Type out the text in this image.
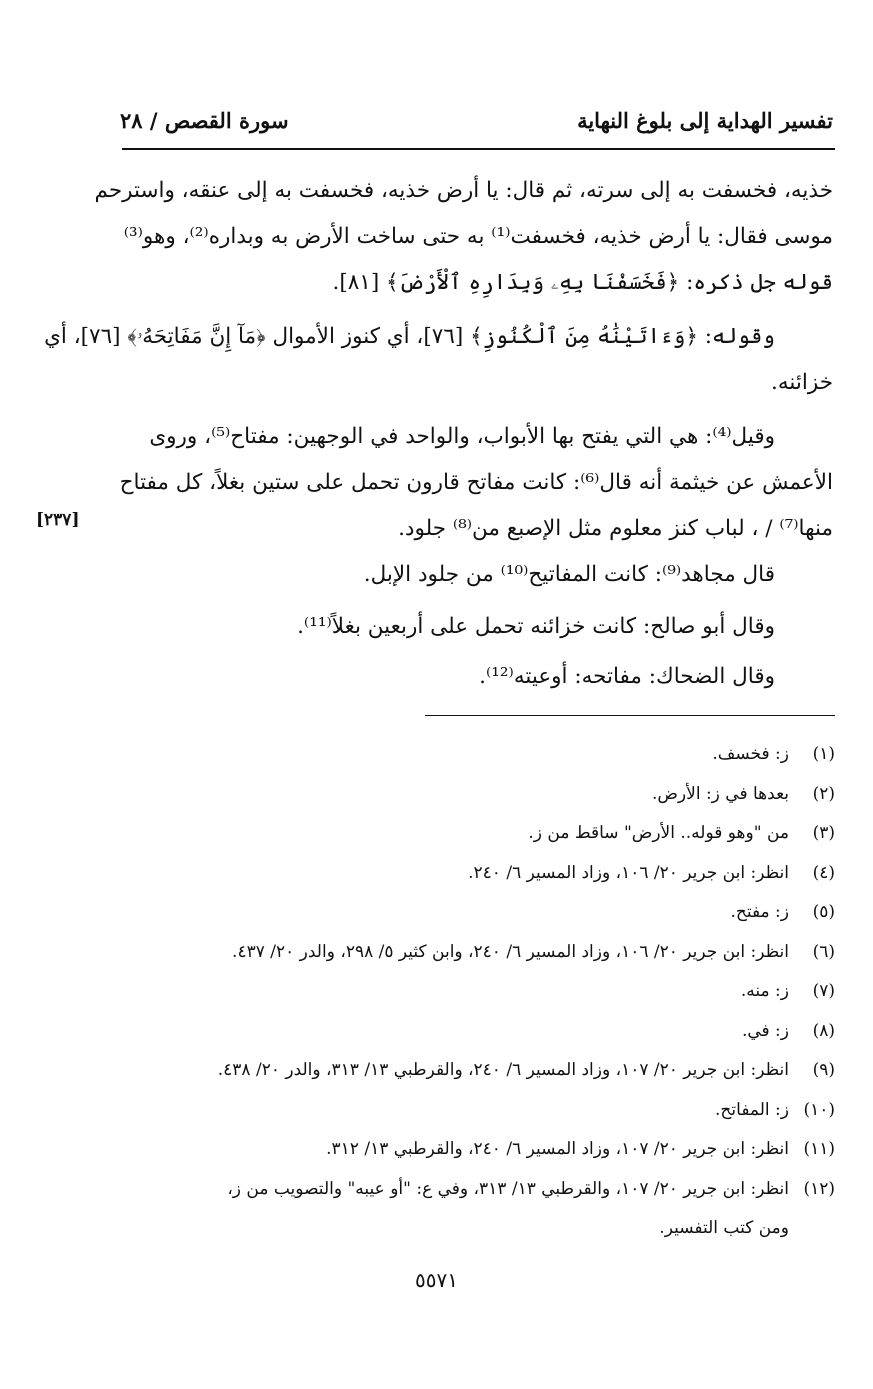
تفسير الهداية إلى بلوغ النهاية
سورة القصص / ٢٨
خذيه، فخسفت به إلى سرته، ثم قال: يا أرض خذيه، فخسفت به إلى عنقه، واسترحم
موسى فقال: يا أرض خذيه، فخسفت⁽¹⁾ به حتى ساخت الأرض به وبداره⁽²⁾، وهو⁽³⁾
قوله جل ذكره: ﴿فَخَسَفْنَا بِهِۦ وَبِدَارِهِ ٱلْأَرْضَ﴾ [٨١].
وقوله: ﴿وَءَاتَيْنَٰهُ مِنَ ٱلْكُنُوزِ﴾ [٧٦]، أي كنوز الأموال ﴿مَآ إِنَّ مَفَاتِحَهُۥ﴾ [٧٦]، أي
خزائنه.
وقيل⁽⁴⁾: هي التي يفتح بها الأبواب، والواحد في الوجهين: مفتاح⁽⁵⁾، وروى
الأعمش عن خيثمة أنه قال⁽⁶⁾: كانت مفاتح قارون تحمل على ستين بغلاً، كل مفتاح
منها⁽⁷⁾ / ، لباب كنز معلوم مثل الإصبع من⁽⁸⁾ جلود.
[٢٣٧]
قال مجاهد⁽⁹⁾: كانت المفاتيح⁽¹⁰⁾ من جلود الإبل.
وقال أبو صالح: كانت خزائنه تحمل على أربعين بغلاً⁽¹¹⁾.
وقال الضحاك: مفاتحه: أوعيته⁽¹²⁾.
(١)ز: فخسف.
(٢)بعدها في ز: الأرض.
(٣)من "وهو قوله.. الأرض" ساقط من ز.
(٤)انظر: ابن جرير ٢٠/ ١٠٦، وزاد المسير ٦/ ٢٤٠.
(٥)ز: مفتح.
(٦)انظر: ابن جرير ٢٠/ ١٠٦، وزاد المسير ٦/ ٢٤٠، وابن كثير ٥/ ٢٩٨، والدر ٢٠/ ٤٣٧.
(٧)ز: منه.
(٨)ز: في.
(٩)انظر: ابن جرير ٢٠/ ١٠٧، وزاد المسير ٦/ ٢٤٠، والقرطبي ١٣/ ٣١٣، والدر ٢٠/ ٤٣٨.
(١٠)ز: المفاتح.
(١١)انظر: ابن جرير ٢٠/ ١٠٧، وزاد المسير ٦/ ٢٤٠، والقرطبي ١٣/ ٣١٢.
(١٢)انظر: ابن جرير ٢٠/ ١٠٧، والقرطبي ١٣/ ٣١٣، وفي ع: "أو عيبه" والتصويب من ز،
ومن كتب التفسير.
٥٥٧١
